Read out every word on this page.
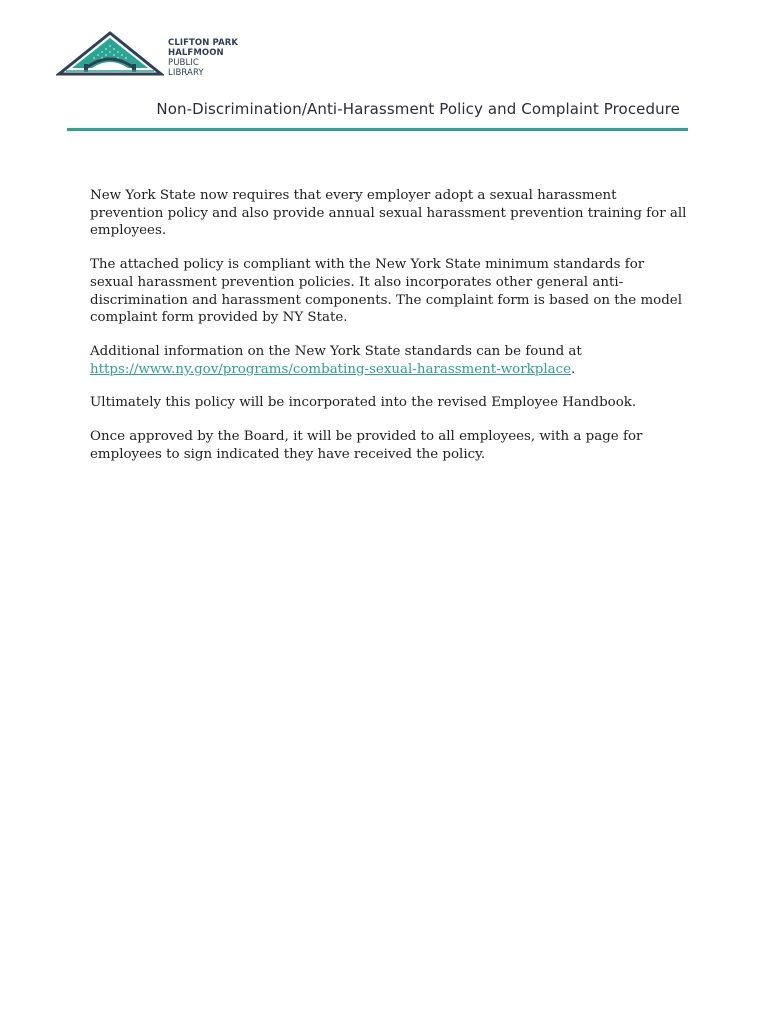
CLIFTON PARK
HALFMOON
PUBLIC
LIBRARY
Non-Discrimination/Anti-Harassment Policy and Complaint Procedure

New York State now requires that every employer adopt a sexual harassment prevention policy and also provide annual sexual harassment prevention training for all employees.

The attached policy is compliant with the New York State minimum standards for sexual harassment prevention policies. It also incorporates other general anti-discrimination and harassment components. The complaint form is based on the model complaint form provided by NY State.

Additional information on the New York State standards can be found at
https://www.ny.gov/programs/combating-sexual-harassment-workplace.

Ultimately this policy will be incorporated into the revised Employee Handbook.

Once approved by the Board, it will be provided to all employees, with a page for employees to sign indicated they have received the policy.
